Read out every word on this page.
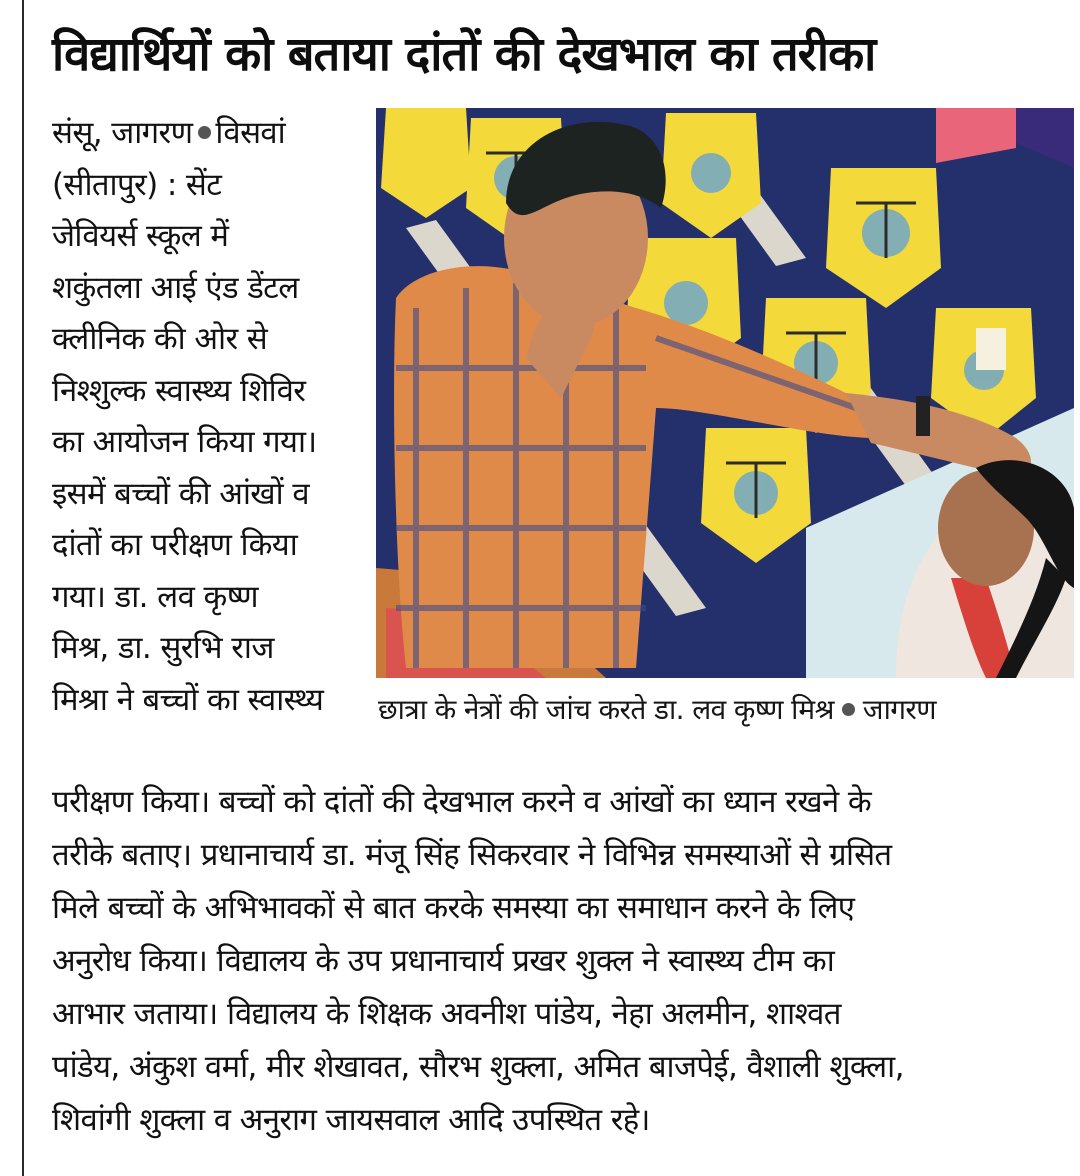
विद्यार्थियों को बताया दांतों की देखभाल का तरीका
संसू, जागरण विसवां
(सीतापुर) : सेंट
जेवियर्स स्कूल में
शकुंतला आई एंड डेंटल
क्लीनिक की ओर से
निश्शुल्क स्वास्थ्य शिविर
का आयोजन किया गया।
इसमें बच्चों की आंखों व
दांतों का परीक्षण किया
गया। डा. लव कृष्ण
मिश्र, डा. सुरभि राज
मिश्रा ने बच्चों का स्वास्थ्य	छात्रा के नेत्रों की जांच करते डा. लव कृष्ण मिश्र जागरण
परीक्षण किया। बच्चों को दांतों की देखभाल करने व आंखों का ध्यान रखने के
तरीके बताए। प्रधानाचार्य डा. मंजू सिंह सिकरवार ने विभिन्न समस्याओं से ग्रसित
मिले बच्चों के अभिभावकों से बात करके समस्या का समाधान करने के लिए
अनुरोध किया। विद्यालय के उप प्रधानाचार्य प्रखर शुक्ल ने स्वास्थ्य टीम का
आभार जताया। विद्यालय के शिक्षक अवनीश पांडेय, नेहा अलमीन, शाश्वत
पांडेय, अंकुश वर्मा, मीर शेखावत, सौरभ शुक्ला, अमित बाजपेई, वैशाली शुक्ला,
शिवांगी शुक्ला व अनुराग जायसवाल आदि उपस्थित रहे।
